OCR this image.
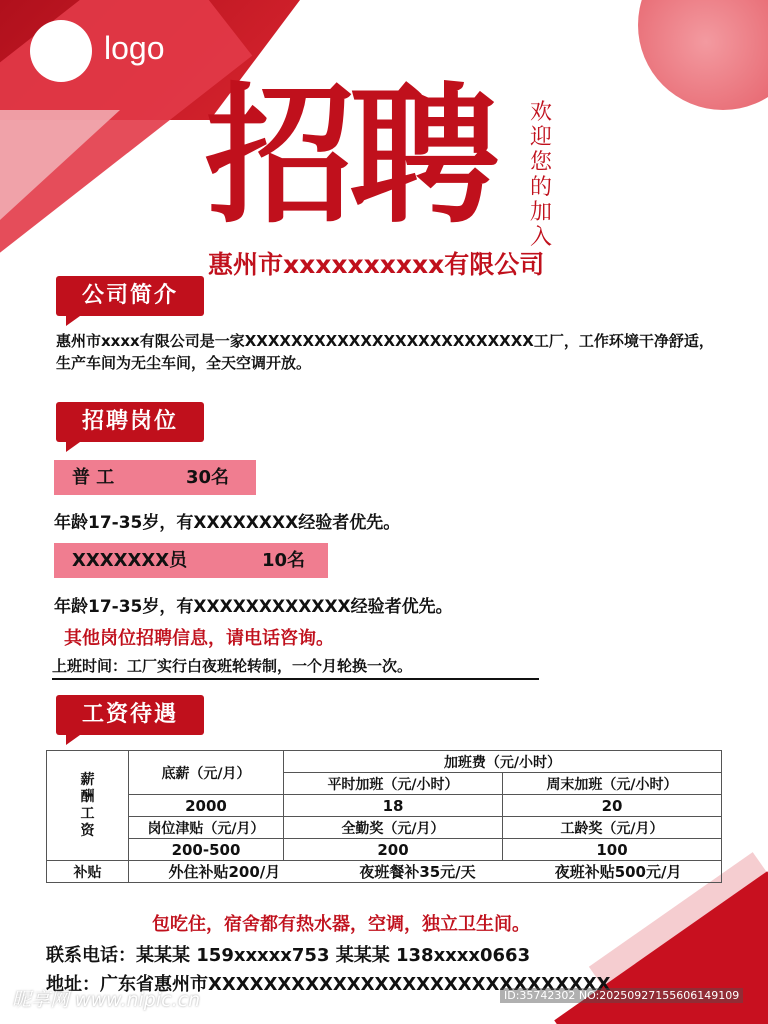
logo
招聘 欢迎您的加入
惠州市xxxxxxxxxx有限公司
公司简介
惠州市xxxx有限公司是一家XXXXXXXXXXXXXXXXXXXXXXXXX工厂，工作环境干净舒适，生产车间为无尘车间，全天空调开放。
招聘岗位
普 工	30名
年龄17-35岁，有XXXXXXXX经验者优先。
XXXXXXX员	10名
年龄17-35岁，有XXXXXXXXXXXX经验者优先。
其他岗位招聘信息，请电话咨询。
上班时间：工厂实行白夜班轮转制，一个月轮换一次。
工资待遇
薪酬工资	底薪（元/月）	加班费（元/小时）	
		平时加班（元/小时）	周末加班（元/小时）
	2000	18	20
	岗位津贴（元/月）	全勤奖（元/月）	工龄奖（元/月）
	200-500	200	100
补贴	外住补贴200/月 夜班餐补35元/天 夜班补贴500元/月		
包吃住，宿舍都有热水器，空调，独立卫生间。
联系电话：某某某 159xxxxx753 某某某 138xxxx0663
地址：广东省惠州市XXXXXXXXXXXXXXXXXXXXXXXXXXXXX
昵享网 www.nipic.cn	ID:35742302 NO:20250927155606149109
